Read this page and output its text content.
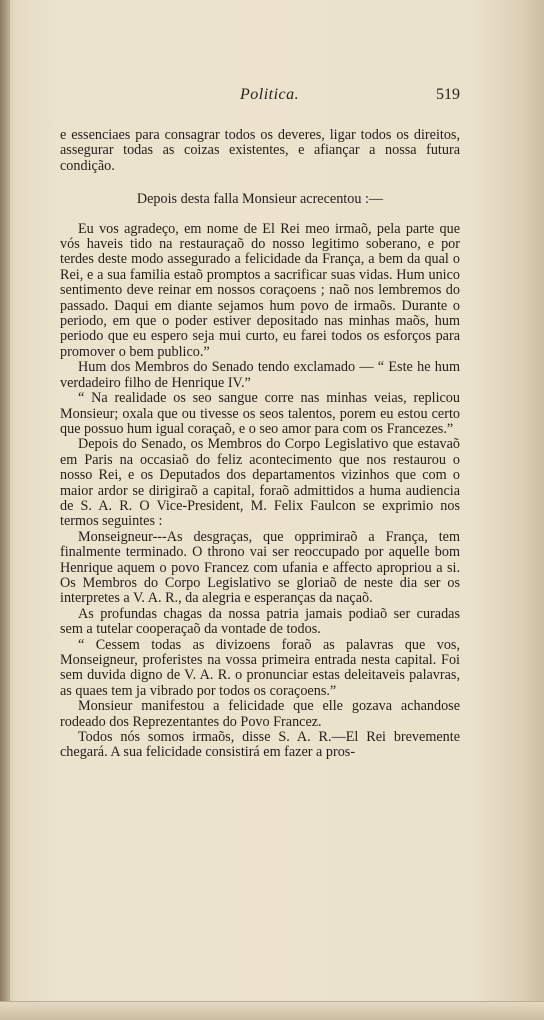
Politica.	519

e essenciaes para consagrar todos os deveres, ligar todos os direitos, assegurar todas as coizas existentes, e afiançar a nossa futura condição.

Depois desta falla Monsieur acrecentou :—

Eu vos agradeço, em nome de El Rei meo irmaõ, pela parte que vós haveis tido na restauraçaõ do nosso legitimo soberano, e por terdes deste modo assegurado a felicidade da França, a bem da qual o Rei, e a sua familia estaõ promptos a sacrificar suas vidas. Hum unico sentimento deve reinar em nossos coraçoens ; naõ nos lembremos do passado. Daqui em diante sejamos hum povo de irmaõs. Durante o periodo, em que o poder estiver depositado nas minhas maõs, hum periodo que eu espero seja mui curto, eu farei todos os esforços para promover o bem publico.”

Hum dos Membros do Senado tendo exclamado — “ Este he hum verdadeiro filho de Henrique IV.”

“ Na realidade os seo sangue corre nas minhas veias, replicou Monsieur; oxala que ou tivesse os seos talentos, porem eu estou certo que possuo hum igual coraçaõ, e o seo amor para com os Francezes.”

Depois do Senado, os Membros do Corpo Legislativo que estavaõ em Paris na occasiaõ do feliz acontecimento que nos restaurou o nosso Rei, e os Deputados dos departamentos vizinhos que com o maior ardor se dirigiraõ a capital, foraõ admittidos a huma audiencia de S. A. R. O Vice-President, M. Felix Faulcon se exprimio nos termos seguintes :

Monseigneur---As desgraças, que opprimiraõ a França, tem finalmente terminado. O throno vai ser reoccupado por aquelle bom Henrique aquem o povo Francez com ufania e affecto apropriou a si. Os Membros do Corpo Legislativo se gloriaõ de neste dia ser os interpretes a V. A. R., da alegria e esperanças da naçaõ.

As profundas chagas da nossa patria jamais podiaõ ser curadas sem a tutelar cooperaçaõ da vontade de todos.

“ Cessem todas as divizoens foraõ as palavras que vos, Monseigneur, proferistes na vossa primeira entrada nesta capital. Foi sem duvida digno de V. A. R. o pronunciar estas deleitaveis palavras, as quaes tem ja vibrado por todos os coraçoens.”

Monsieur manifestou a felicidade que elle gozava achandose rodeado dos Reprezentantes do Povo Francez.

Todos nós somos irmaõs, disse S. A. R.—El Rei brevemente chegará. A sua felicidade consistirá em fazer a pros-
